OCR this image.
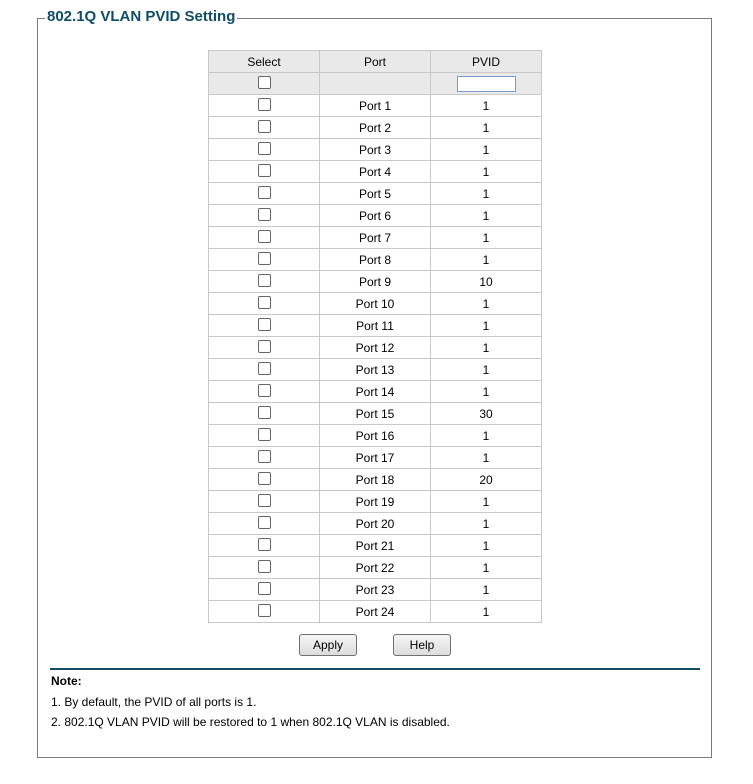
802.1Q VLAN PVID Setting
Select	Port	PVID

	Port 1	1
	Port 2	1
	Port 3	1
	Port 4	1
	Port 5	1
	Port 6	1
	Port 7	1
	Port 8	1
	Port 9	10
	Port 10	1
	Port 11	1
	Port 12	1
	Port 13	1
	Port 14	1
	Port 15	30
	Port 16	1
	Port 17	1
	Port 18	20
	Port 19	1
	Port 20	1
	Port 21	1
	Port 22	1
	Port 23	1
	Port 24	1
Apply	Help
Note:
1. By default, the PVID of all ports is 1.
2. 802.1Q VLAN PVID will be restored to 1 when 802.1Q VLAN is disabled.
